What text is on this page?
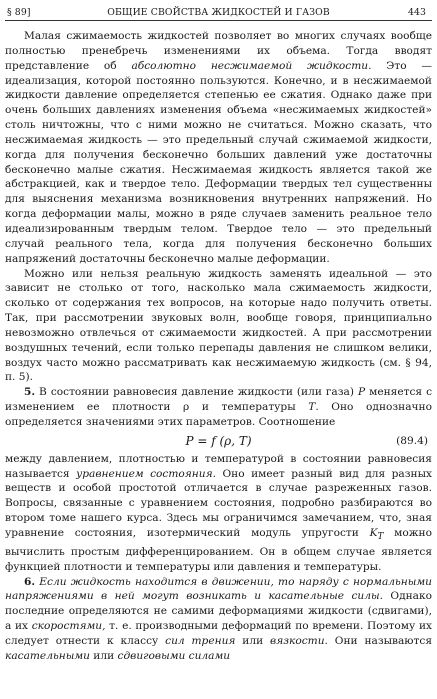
§ 89]	ОБЩИЕ СВОЙСТВА ЖИДКОСТЕЙ И ГАЗОВ	443

Малая сжимаемость жидкостей позволяет во многих случаях вообще полностью пренебречь изменениями их объема. Тогда вводят представление об абсолютно несжимаемой жидкости. Это — идеализация, которой постоянно пользуются. Конечно, и в несжимаемой жидкости давление определяется степенью ее сжатия. Однако даже при очень больших давлениях изменения объема «несжимаемых жидкостей» столь ничтожны, что с ними можно не считаться. Можно сказать, что несжимаемая жидкость — это предельный случай сжимаемой жидкости, когда для получения бесконечно больших давлений уже достаточны бесконечно малые сжатия. Несжимаемая жидкость является такой же абстракцией, как и твердое тело. Деформации твердых тел существенны для выяснения механизма возникновения внутренних напряжений. Но когда деформации малы, можно в ряде случаев заменить реальное тело идеализированным твердым телом. Твердое тело — это предельный случай реального тела, когда для получения бесконечно больших напряжений достаточны бесконечно малые деформации.

Можно или нельзя реальную жидкость заменять идеальной — это зависит не столько от того, насколько мала сжимаемость жидкости, сколько от содержания тех вопросов, на которые надо получить ответы. Так, при рассмотрении звуковых волн, вообще говоря, принципиально невозможно отвлечься от сжимаемости жидкостей. А при рассмотрении воздушных течений, если только перепады давления не слишком велики, воздух часто можно рассматривать как несжимаемую жидкость (см. § 94, п. 5).

5. В состоянии равновесия давление жидкости (или газа) P меняется с изменением ее плотности ρ и температуры T. Оно однозначно определяется значениями этих параметров. Соотношение

P = f (ρ, T)	(89.4)

между давлением, плотностью и температурой в состоянии равновесия называется уравнением состояния. Оно имеет разный вид для разных веществ и особой простотой отличается в случае разреженных газов. Вопросы, связанные с уравнением состояния, подробно разбираются во втором томе нашего курса. Здесь мы ограничимся замечанием, что, зная уравнение состояния, изотермический модуль упругости $K_T$ можно вычислить простым дифференцированием. Он в общем случае является функцией плотности и температуры или давления и температуры.

6. Если жидкость находится в движении, то наряду с нормальными напряжениями в ней могут возникать и касательные силы. Однако последние определяются не самими деформациями жидкости (сдвигами), а их скоростями, т. е. производными деформаций по времени. Поэтому их следует отнести к классу сил трения или вязкости. Они называются касательными или сдвиговыми силами
